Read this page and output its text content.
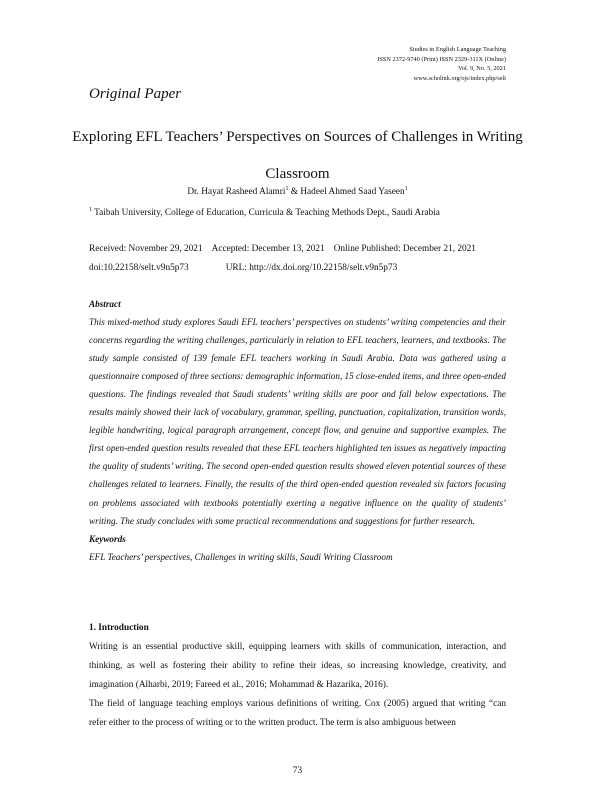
Studies in English Language Teaching
ISSN 2372-9740 (Print) ISSN 2329-311X (Online)
Vol. 9, No. 5, 2021
www.scholink.org/ojs/index.php/selt
Original Paper
Exploring EFL Teachers’ Perspectives on Sources of Challenges in Writing Classroom
Dr. Hayat Rasheed Alamri$^1$ & Hadeel Ahmed Saad Yaseen$^1$
$^1$ Taibah University, College of Education, Curricula & Teaching Methods Dept., Saudi Arabia
Received: November 29, 2021 Accepted: December 13, 2021 Online Published: December 21, 2021
doi:10.22158/selt.v9n5p73	URL: http://dx.doi.org/10.22158/selt.v9n5p73
Abstract

This mixed-method study explores Saudi EFL teachers’ perspectives on students’ writing competencies and their concerns regarding the writing challenges, particularly in relation to EFL teachers, learners, and textbooks. The study sample consisted of 139 female EFL teachers working in Saudi Arabia. Data was gathered using a questionnaire composed of three sections: demographic information, 15 close-ended items, and three open-ended questions. The findings revealed that Saudi students’ writing skills are poor and fall below expectations. The results mainly showed their lack of vocabulary, grammar, spelling, punctuation, capitalization, transition words, legible handwriting, logical paragraph arrangement, concept flow, and genuine and supportive examples. The first open-ended question results revealed that these EFL teachers highlighted ten issues as negatively impacting the quality of students’ writing. The second open-ended question results showed eleven potential sources of these challenges related to learners. Finally, the results of the third open-ended question revealed six factors focusing on problems associated with textbooks potentially exerting a negative influence on the quality of students’ writing. The study concludes with some practical recommendations and suggestions for further research.

Keywords

EFL Teachers’ perspectives, Challenges in writing skills, Saudi Writing Classroom

1. Introduction

Writing is an essential productive skill, equipping learners with skills of communication, interaction, and thinking, as well as fostering their ability to refine their ideas, so increasing knowledge, creativity, and imagination (Alharbi, 2019; Fareed et al., 2016; Mohammad & Hazarika, 2016).

The field of language teaching employs various definitions of writing. Cox (2005) argued that writing “can refer either to the process of writing or to the written product. The term is also ambiguous between

73
